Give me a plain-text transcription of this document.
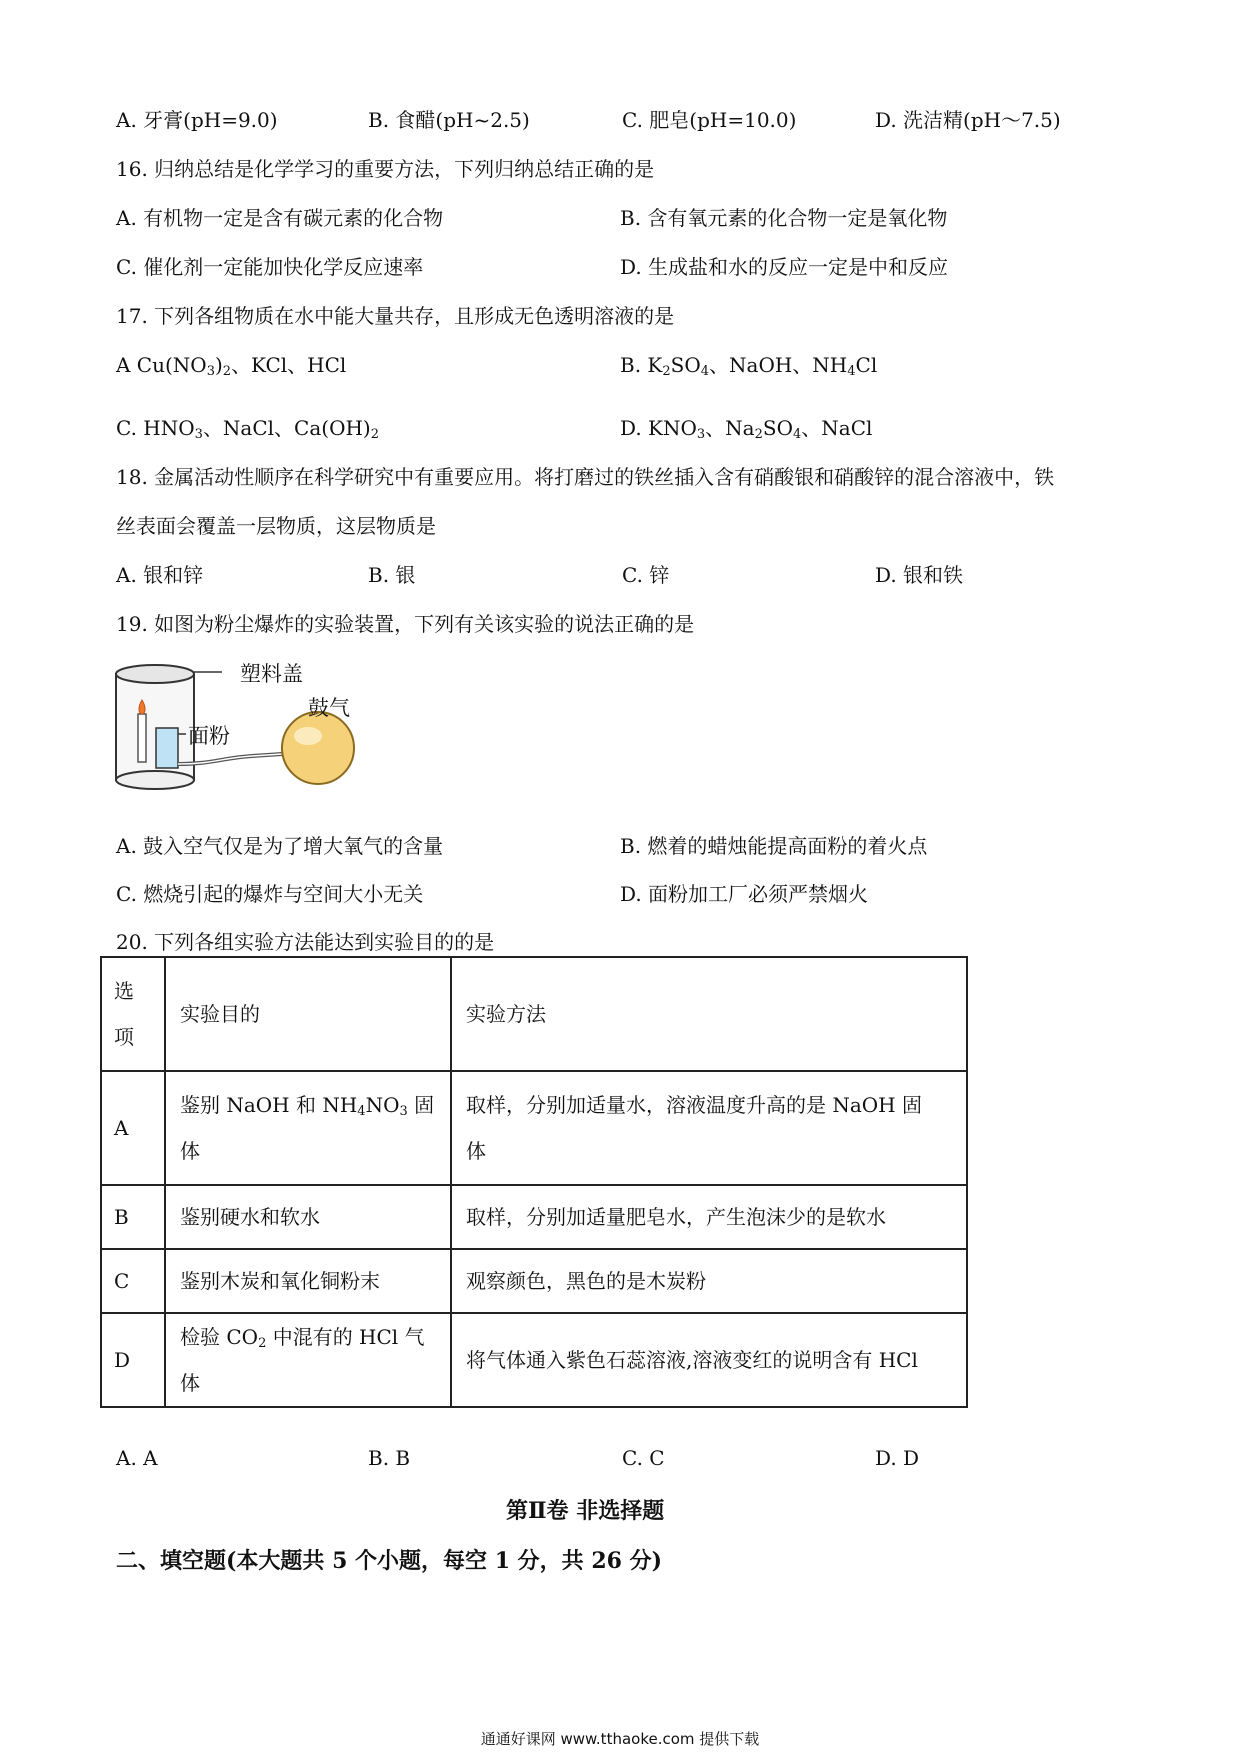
A. 牙膏(pH=9.0)	B. 食醋(pH~2.5)	C. 肥皂(pH=10.0)	D. 洗洁精(pH～7.5)
16. 归纳总结是化学学习的重要方法，下列归纳总结正确的是
A. 有机物一定是含有碳元素的化合物	B. 含有氧元素的化合物一定是氧化物
C. 催化剂一定能加快化学反应速率	D. 生成盐和水的反应一定是中和反应
17. 下列各组物质在水中能大量共存，且形成无色透明溶液的是
A $Cu(NO_3)_2$、KCl、HCl	B. $K_2SO_4$、NaOH、$NH_4Cl$
C. $HNO_3$、NaCl、$Ca(OH)_2$	D. $KNO_3$、$Na_2SO_4$、NaCl
18. 金属活动性顺序在科学研究中有重要应用。将打磨过的铁丝插入含有硝酸银和硝酸锌的混合溶液中，铁
丝表面会覆盖一层物质，这层物质是
A. 银和锌	B. 银	C. 锌	D. 银和铁
19. 如图为粉尘爆炸的实验装置，下列有关该实验的说法正确的是
塑料盖
面粉
鼓气
A. 鼓入空气仅是为了增大氧气的含量	B. 燃着的蜡烛能提高面粉的着火点
C. 燃烧引起的爆炸与空间大小无关	D. 面粉加工厂必须严禁烟火
20. 下列各组实验方法能达到实验目的的是
选
项	实验目的	实验方法
A	鉴别 NaOH 和 $NH_4NO_3$ 固体	取样，分别加适量水，溶液温度升高的是 NaOH 固
体

B	鉴别硬水和软水	取样，分别加适量肥皂水，产生泡沫少的是软水
C	鉴别木炭和氧化铜粉末	观察颜色，黑色的是木炭粉
D	检验 $CO_2$ 中混有的 HCl 气体	将气体通入紫色石蕊溶液,溶液变红的说明含有 HCl
A. A	B. B	C. C	D. D
第Ⅱ卷 非选择题
二、填空题(本大题共 5 个小题，每空 1 分，共 26 分)
通通好课网 www.tthaoke.com 提供下载
